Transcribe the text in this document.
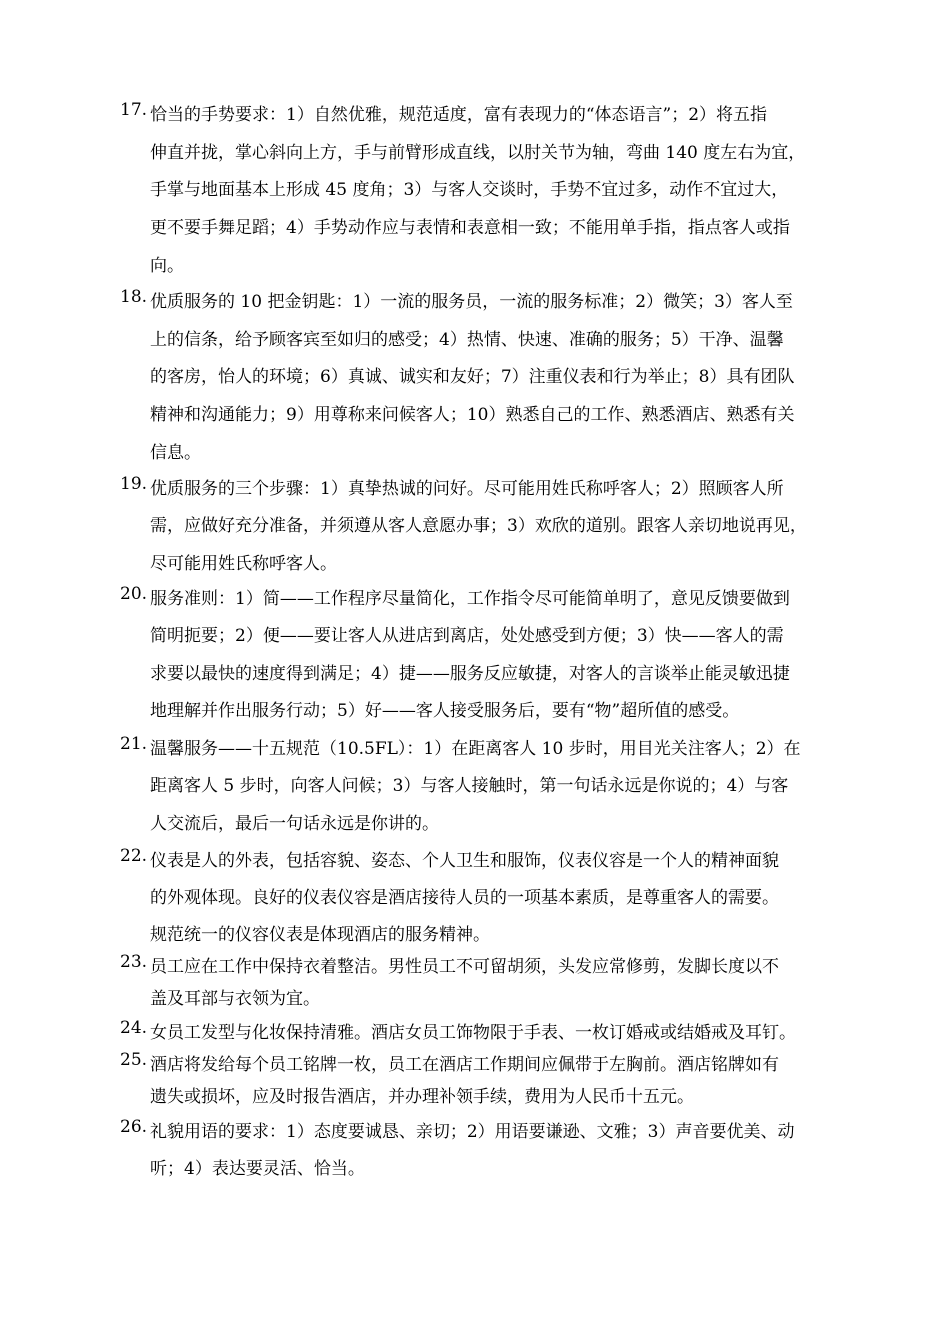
17. 恰当的手势要求：1）自然优雅，规范适度，富有表现力的“体态语言”；2）将五指
伸直并拢，掌心斜向上方，手与前臂形成直线，以肘关节为轴，弯曲 140 度左右为宜，
手掌与地面基本上形成 45 度角；3）与客人交谈时，手势不宜过多，动作不宜过大，
更不要手舞足蹈；4）手势动作应与表情和表意相一致；不能用单手指，指点客人或指
向。
18. 优质服务的 10 把金钥匙：1）一流的服务员，一流的服务标准；2）微笑；3）客人至
上的信条，给予顾客宾至如归的感受；4）热情、快速、准确的服务；5）干净、温馨
的客房，怡人的环境；6）真诚、诚实和友好；7）注重仪表和行为举止；8）具有团队
精神和沟通能力；9）用尊称来问候客人；10）熟悉自己的工作、熟悉酒店、熟悉有关
信息。
19. 优质服务的三个步骤：1）真挚热诚的问好。尽可能用姓氏称呼客人；2）照顾客人所
需，应做好充分准备，并须遵从客人意愿办事；3）欢欣的道别。跟客人亲切地说再见，
尽可能用姓氏称呼客人。
20. 服务准则：1）简——工作程序尽量简化，工作指令尽可能简单明了，意见反馈要做到
简明扼要；2）便——要让客人从进店到离店，处处感受到方便；3）快——客人的需
求要以最快的速度得到满足；4）捷——服务反应敏捷，对客人的言谈举止能灵敏迅捷
地理解并作出服务行动；5）好——客人接受服务后，要有“物”超所值的感受。
21. 温馨服务——十五规范（10.5FL）：1）在距离客人 10 步时，用目光关注客人；2）在
距离客人 5 步时，向客人问候；3）与客人接触时，第一句话永远是你说的；4）与客
人交流后，最后一句话永远是你讲的。
22. 仪表是人的外表，包括容貌、姿态、个人卫生和服饰，仪表仪容是一个人的精神面貌
的外观体现。良好的仪表仪容是酒店接待人员的一项基本素质，是尊重客人的需要。
规范统一的仪容仪表是体现酒店的服务精神。
23. 员工应在工作中保持衣着整洁。男性员工不可留胡须，头发应常修剪，发脚长度以不
盖及耳部与衣领为宜。
24. 女员工发型与化妆保持清雅。酒店女员工饰物限于手表、一枚订婚戒或结婚戒及耳钉。
25. 酒店将发给每个员工铭牌一枚，员工在酒店工作期间应佩带于左胸前。酒店铭牌如有
遗失或损坏，应及时报告酒店，并办理补领手续，费用为人民币十五元。
26. 礼貌用语的要求：1）态度要诚恳、亲切；2）用语要谦逊、文雅；3）声音要优美、动
听；4）表达要灵活、恰当。
